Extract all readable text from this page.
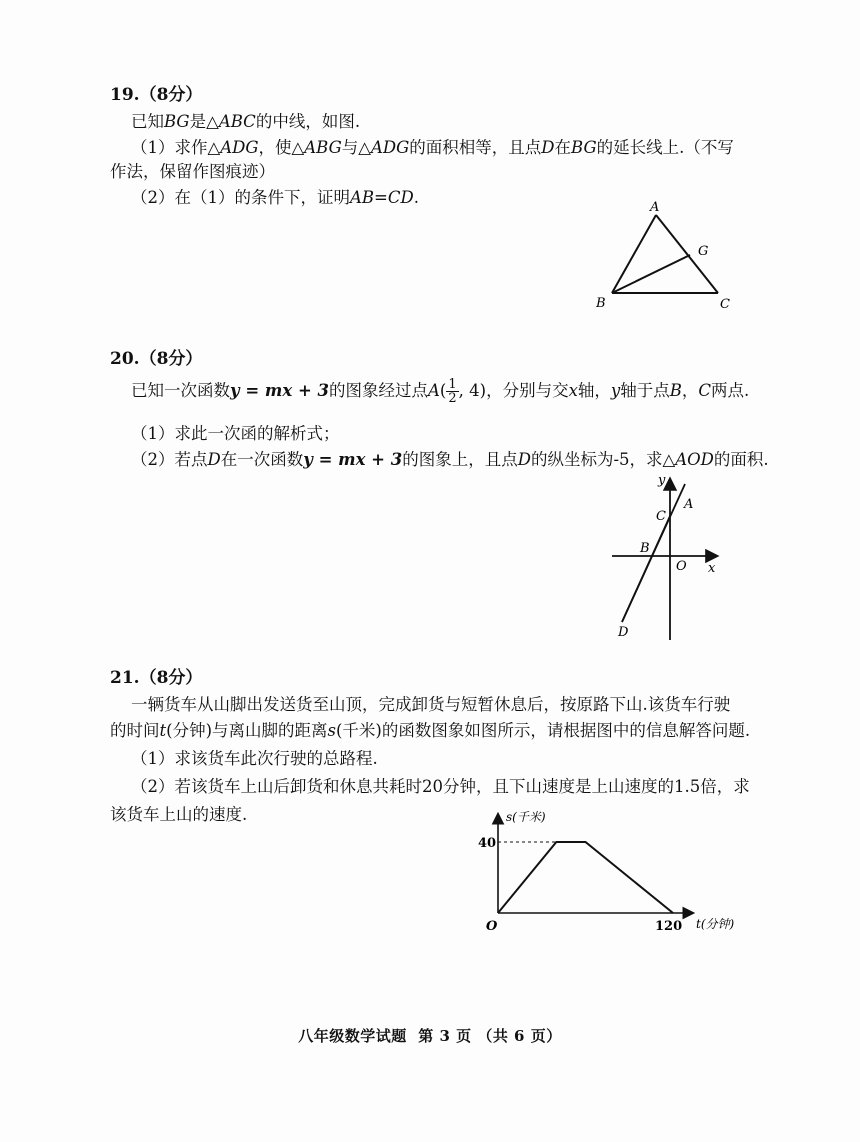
19.（8分）
已知BG是△ABC的中线，如图.
（1）求作△ADG，使△ABG与△ADG的面积相等，且点D在BG的延长线上.（不写
作法，保留作图痕迹）
（2）在（1）的条件下，证明AB=CD.
A
G
B	C
20.（8分）
已知一次函数y = mx + 3的图象经过点$A( \frac{1}{2}$ , 4)，分别与交x轴，y轴于点B，C两点.
（1）求此一次函的解析式；
（2）若点D在一次函数y = mx + 3的图象上，且点D的纵坐标为-5，求△AOD的面积.
y
x
A
C
B
O
D
21.（8分）
一辆货车从山脚出发送货至山顶，完成卸货与短暂休息后，按原路下山.该货车行驶
的时间t(分钟)与离山脚的距离s(千米)的函数图象如图所示，请根据图中的信息解答问题.
（1）求该货车此次行驶的总路程.
（2）若该货车上山后卸货和休息共耗时20分钟，且下山速度是上山速度的1.5倍，求
该货车上山的速度.	s(千米)
t(分钟)
O
40
120
八年级数学试题  第 3 页 （共 6 页）
